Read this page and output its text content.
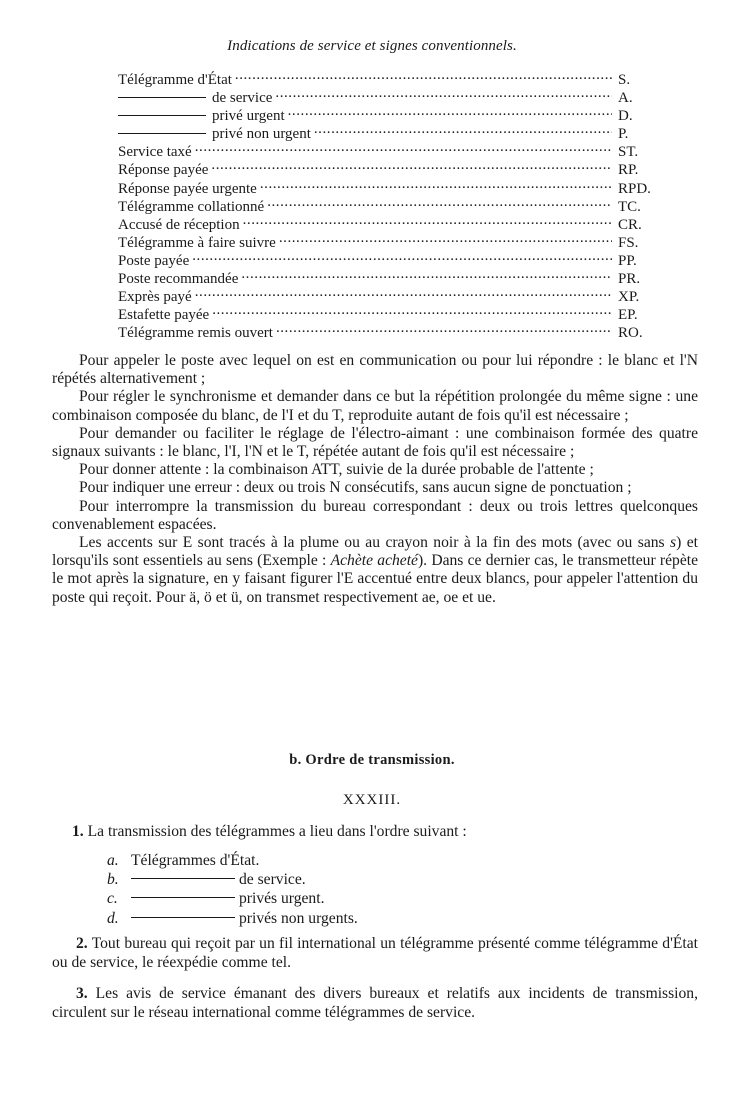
Indications de service et signes conventionnels.
Télégramme d'État . . .	S.
de service . . .	A.
privé urgent . . .	D.
privé non urgent . . .	P.
Service taxé . . .	ST.
Réponse payée . . .	RP.
Réponse payée urgente . . .	RPD.
Télégramme collationné . . .	TC.
Accusé de réception . . .	CR.
Télégramme à faire suivre . . .	FS.
Poste payée . . .	PP.
Poste recommandée . . .	PR.
Exprès payé . . .	XP.
Estafette payée . . .	EP.
Télégramme remis ouvert . . .	RO.

Pour appeler le poste avec lequel on est en communication ou pour lui répondre : le blanc et l'N répétés alternativement ;

Pour régler le synchronisme et demander dans ce but la répétition prolongée du même signe : une combinaison composée du blanc, de l'I et du T, reproduite autant de fois qu'il est nécessaire ;

Pour demander ou faciliter le réglage de l'électro-aimant : une combinaison formée des quatre signaux suivants : le blanc, l'I, l'N et le T, répétée autant de fois qu'il est nécessaire ;

Pour donner attente : la combinaison ATT, suivie de la durée probable de l'attente ;

Pour indiquer une erreur : deux ou trois N consécutifs, sans aucun signe de ponctuation ;

Pour interrompre la transmission du bureau correspondant : deux ou trois lettres quelconques convenablement espacées.

Les accents sur E sont tracés à la plume ou au crayon noir à la fin des mots (avec ou sans s) et lorsqu'ils sont essentiels au sens (Exemple : Achète acheté). Dans ce dernier cas, le transmetteur répète le mot après la signature, en y faisant figurer l'E accentué entre deux blancs, pour appeler l'attention du poste qui reçoit. Pour ä, ö et ü, on transmet respectivement ae, oe et ue.

b. Ordre de transmission.
XXXIII.
1. La transmission des télégrammes a lieu dans l'ordre suivant :
a. Télégrammes d'État.
b.	de service.
c.	privés urgent.
d.	privés non urgents.

2. Tout bureau qui reçoit par un fil international un télégramme présenté comme télégramme d'État ou de service, le réexpédie comme tel.

3. Les avis de service émanant des divers bureaux et relatifs aux incidents de transmission, circulent sur le réseau international comme télégrammes de service.
